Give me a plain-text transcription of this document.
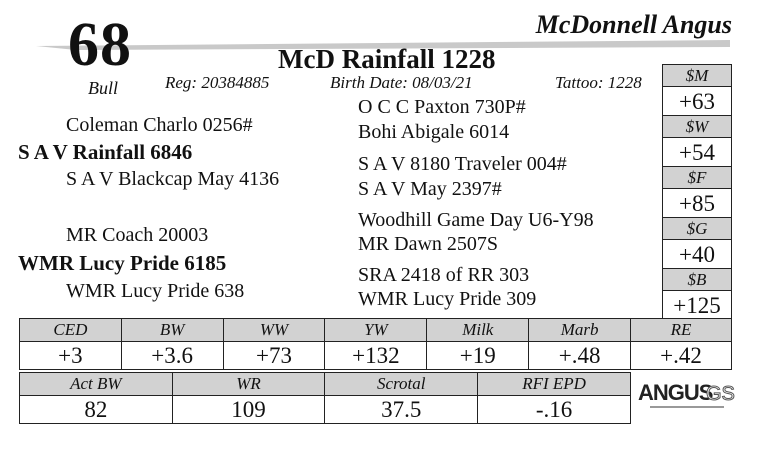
68
Bull
McDonnell Angus
McD Rainfall 1228
Reg: 20384885	Birth Date: 08/03/21	Tattoo: 1228
Coleman Charlo 0256#
S A V Rainfall 6846
S A V Blackcap May 4136
MR Coach 20003
WMR Lucy Pride 6185
WMR Lucy Pride 638
O C C Paxton 730P#
Bohi Abigale 6014
S A V 8180 Traveler 004#
S A V May 2397#
Woodhill Game Day U6-Y98
MR Dawn 2507S
SRA 2418 of RR 303
WMR Lucy Pride 309
$M
+63
$W
+54
$F
+85
$G
+40
$B
+125
CED	BW	WW	YW	Milk	Marb	RE
+3	+3.6	+73	+132	+19	+.48	+.42
Act BW	WR	Scrotal	RFI EPD
82	109	37.5	-.16
ANGUS
GS
